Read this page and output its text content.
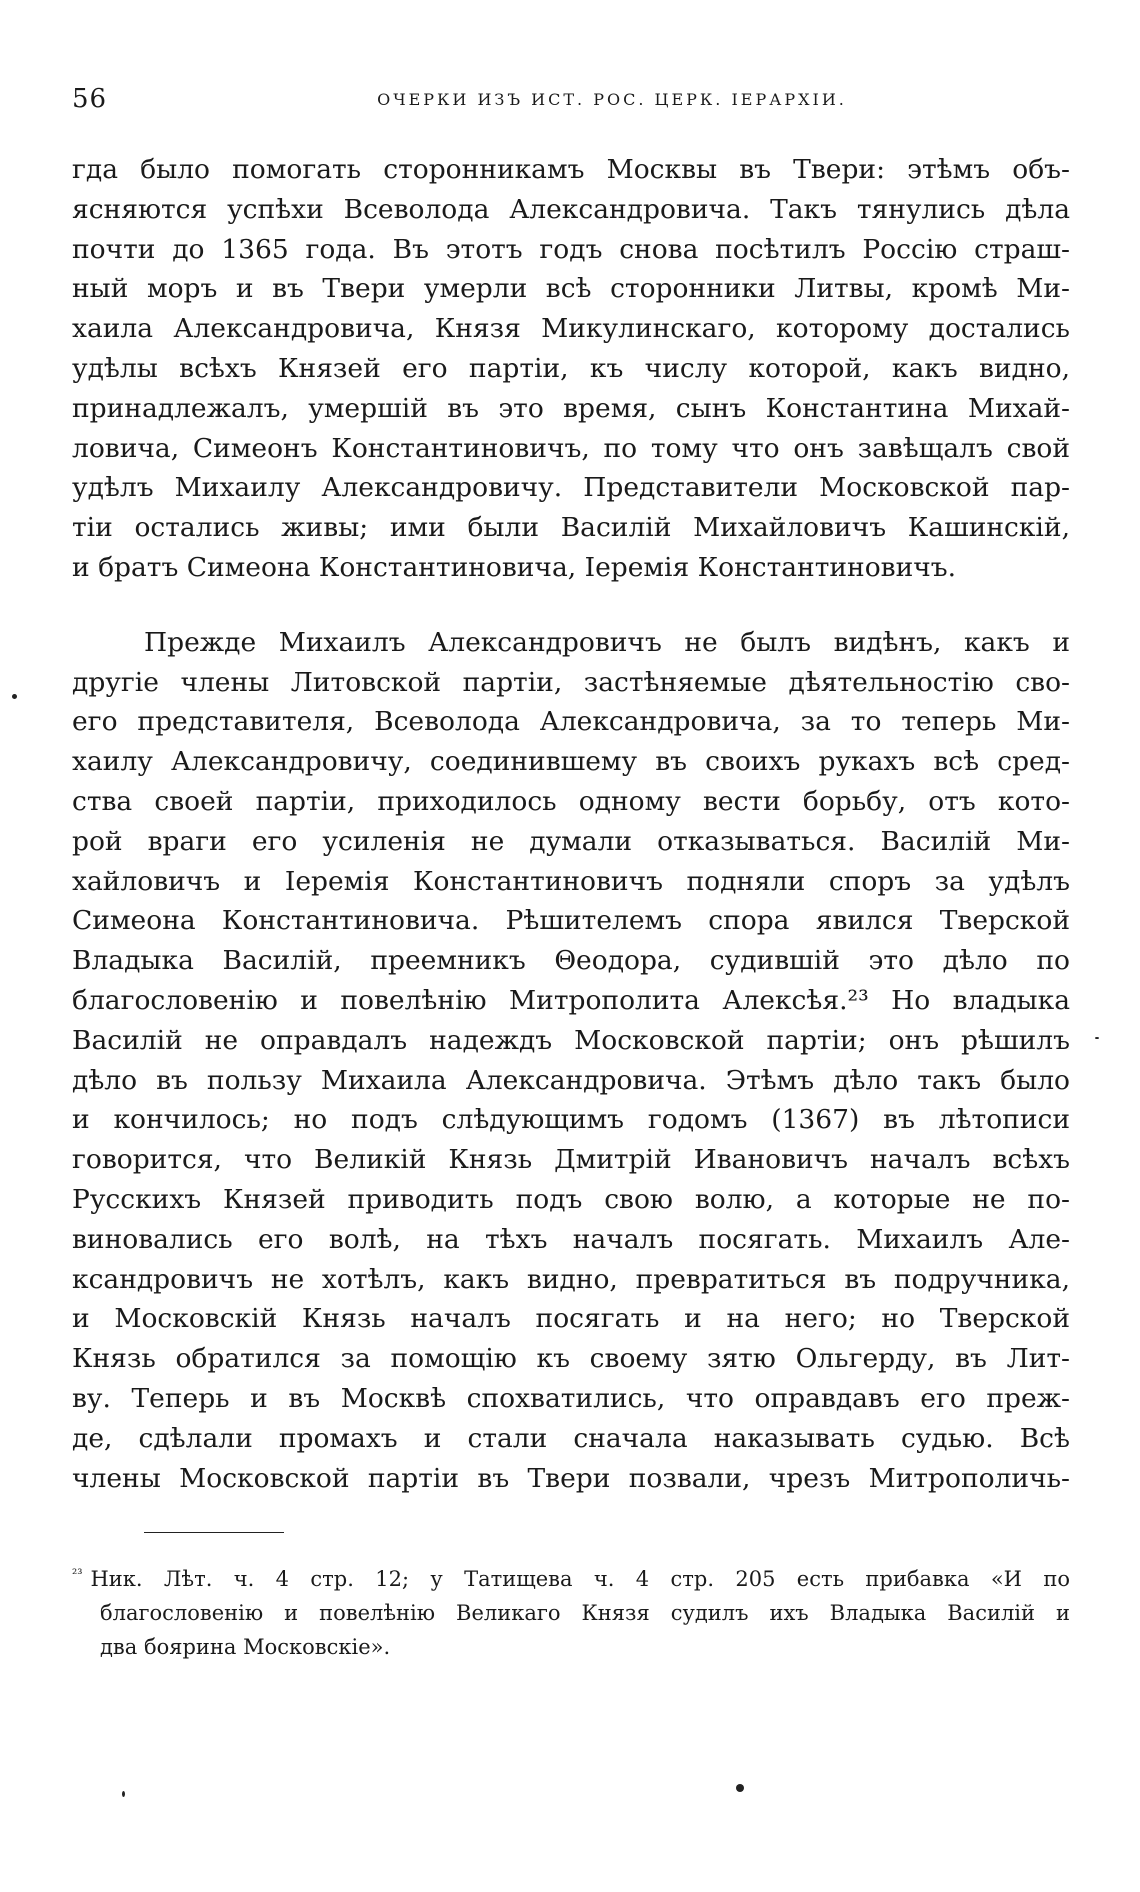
56	ОЧЕРКИ ИЗЪ ИСТ. РОС. ЦЕРК. ІЕРАРХІИ.
гда было помогать сторонникамъ Москвы въ Твери: этѣмъ объ-
ясняются успѣхи Всеволода Александровича. Такъ тянулись дѣла
почти до 1365 года. Въ этотъ годъ снова посѣтилъ Россію страш-
ный моръ и въ Твери умерли всѣ сторонники Литвы, кромѣ Ми-
хаила Александровича, Князя Микулинскаго, которому достались
удѣлы всѣхъ Князей его партіи, къ числу которой, какъ видно,
принадлежалъ, умершій въ это время, сынъ Константина Михай-
ловича, Симеонъ Константиновичъ, по тому что онъ завѣщалъ свой
удѣлъ Михаилу Александровичу. Представители Московской пар-
тіи остались живы; ими были Василій Михайловичъ Кашинскій,
и братъ Симеона Константиновича, Іеремія Константиновичъ.
Прежде Михаилъ Александровичъ не былъ видѣнъ, какъ и
другіе члены Литовской партіи, застѣняемые дѣятельностію сво-
его представителя, Всеволода Александровича, за то теперь Ми-
хаилу Александровичу, соединившему въ своихъ рукахъ всѣ сред-
ства своей партіи, приходилось одному вести борьбу, отъ кото-
рой враги его усиленія не думали отказываться. Василій Ми-
хайловичъ и Іеремія Константиновичъ подняли споръ за удѣлъ
Симеона Константиновича. Рѣшителемъ спора явился Тверской
Владыка Василій, преемникъ Θеодора, судившій это дѣло по
благословенію и повелѣнію Митрополита Алексѣя.²³ Но владыка
Василій не оправдалъ надеждъ Московской партіи; онъ рѣшилъ
дѣло въ пользу Михаила Александровича. Этѣмъ дѣло такъ было
и кончилось; но подъ слѣдующимъ годомъ (1367) въ лѣтописи
говорится, что Великій Князь Дмитрій Ивановичъ началъ всѣхъ
Русскихъ Князей приводить подъ свою волю, а которые не по-
виновались его волѣ, на тѣхъ началъ посягать. Михаилъ Але-
ксандровичъ не хотѣлъ, какъ видно, превратиться въ подручника,
и Московскій Князь началъ посягать и на него; но Тверской
Князь обратился за помощію къ своему зятю Ольгерду, въ Лит-
ву. Теперь и въ Москвѣ спохватились, что оправдавъ его преж-
де, сдѣлали промахъ и стали сначала наказывать судью. Всѣ
члены Московской партіи въ Твери позвали, чрезъ Митрополичь-
$^{^{23}}$ Ник. Лѣт. ч. 4 стр. 12; у Татищева ч. 4 стр. 205 есть прибавка «И по
благословенію и повелѣнію Великаго Князя судилъ ихъ Владыка Василій и
два боярина Московскіе».
